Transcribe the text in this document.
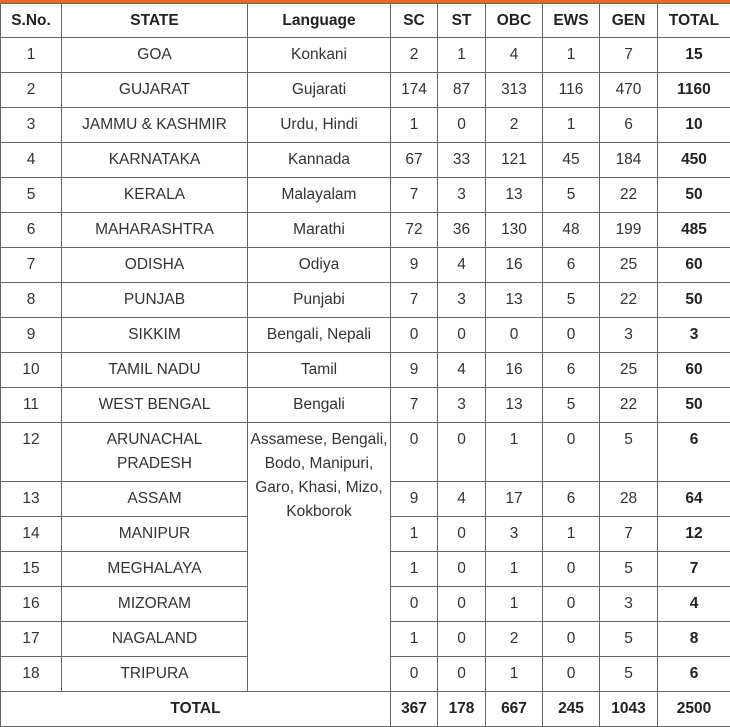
S.No.	STATE	Language	SC	ST	OBC	EWS	GEN	TOTAL
1	GOA	Konkani	2	1	4	1	7	15
2	GUJARAT	Gujarati	174	87	313	116	470	1160
3	JAMMU & KASHMIR	Urdu, Hindi	1	0	2	1	6	10
4	KARNATAKA	Kannada	67	33	121	45	184	450
5	KERALA	Malayalam	7	3	13	5	22	50
6	MAHARASHTRA	Marathi	72	36	130	48	199	485
7	ODISHA	Odiya	9	4	16	6	25	60
8	PUNJAB	Punjabi	7	3	13	5	22	50
9	SIKKIM	Bengali, Nepali	0	0	0	0	3	3
10	TAMIL NADU	Tamil	9	4	16	6	25	60
11	WEST BENGAL	Bengali	7	3	13	5	22	50
12	ARUNACHAL PRADESH	Assamese, Bengali, Bodo, Manipuri, Garo, Khasi, Mizo, Kokborok	0	0	1	0	5	6
13	ASSAM		9	4	17	6	28	64
14	MANIPUR		1	0	3	1	7	12
15	MEGHALAYA		1	0	1	0	5	7
16	MIZORAM		0	0	1	0	3	4
17	NAGALAND		1	0	2	0	5	8
18	TRIPURA		0	0	1	0	5	6
TOTAL			367	178	667	245	1043	2500
